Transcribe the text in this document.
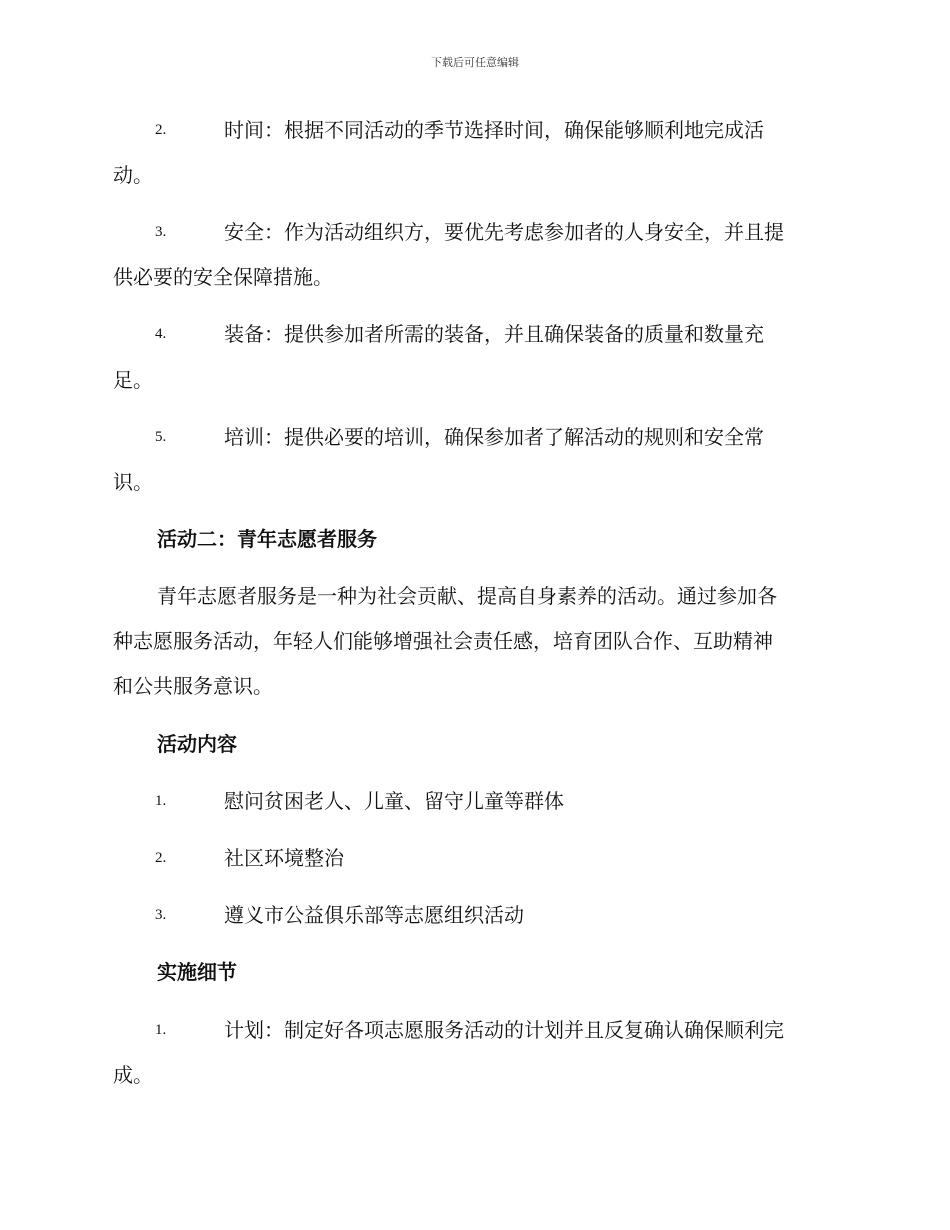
下载后可任意编辑
2.	时间：根据不同活动的季节选择时间，确保能够顺利地完成活
动。
3.	安全：作为活动组织方，要优先考虑参加者的人身安全，并且提
供必要的安全保障措施。
4.	装备：提供参加者所需的装备，并且确保装备的质量和数量充
足。
5.	培训：提供必要的培训，确保参加者了解活动的规则和安全常
识。
活动二：青年志愿者服务
青年志愿者服务是一种为社会贡献、提高自身素养的活动。通过参加各
种志愿服务活动，年轻人们能够增强社会责任感，培育团队合作、互助精神
和公共服务意识。
活动内容
1.	慰问贫困老人、儿童、留守儿童等群体
2.	社区环境整治
3.	遵义市公益俱乐部等志愿组织活动
实施细节
1.	计划：制定好各项志愿服务活动的计划并且反复确认确保顺利完
成。
